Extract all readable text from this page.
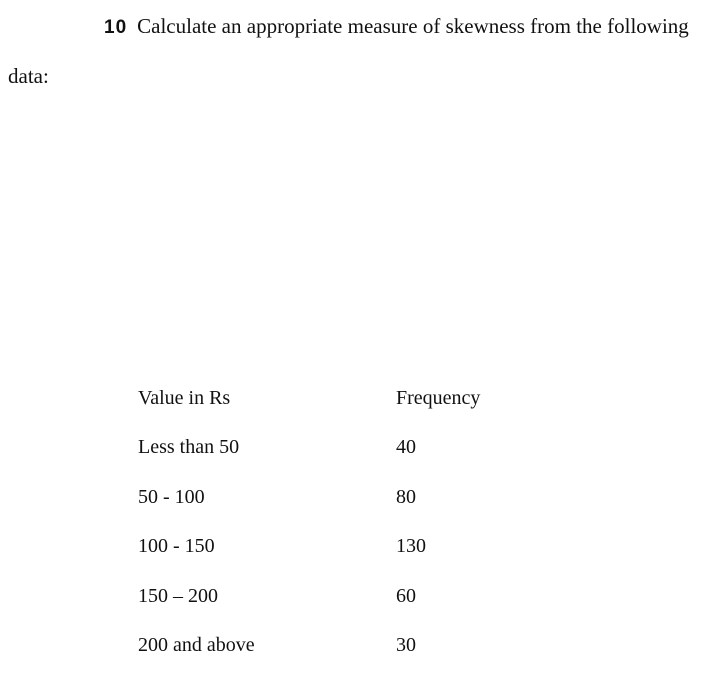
10 Calculate an appropriate measure of skewness from the following
data:
Value in Rs	Frequency
Less than 50	40
50 - 100	80
100 - 150	130
150 – 200	60
200 and above	30
